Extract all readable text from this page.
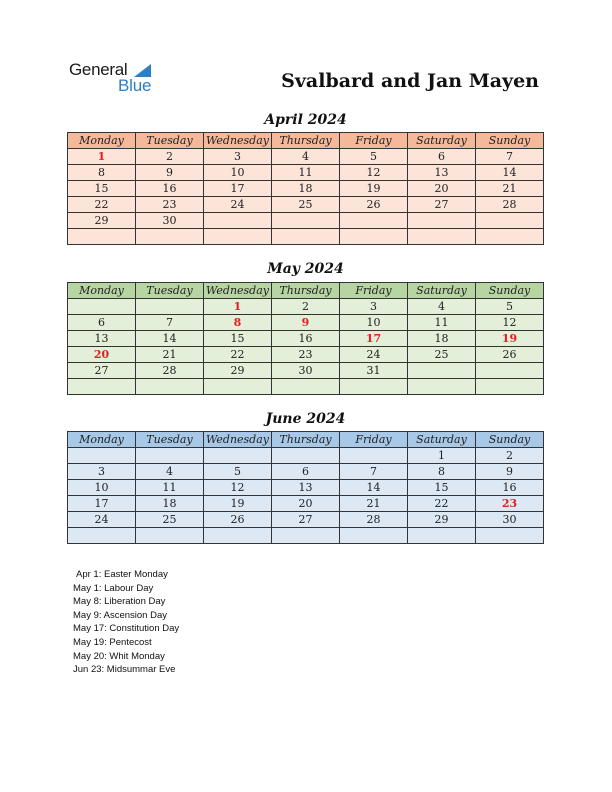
General
Blue	Svalbard and Jan Mayen
April 2024
Monday	Tuesday	Wednesday	Thursday	Friday	Saturday	Sunday
1	2	3	4	5	6	7
8	9	10	11	12	13	14
15	16	17	18	19	20	21
22	23	24	25	26	27	28
29	30					

May 2024
Monday	Tuesday	Wednesday	Thursday	Friday	Saturday	Sunday
		1	2	3	4	5
6	7	8	9	10	11	12
13	14	15	16	17	18	19
20	21	22	23	24	25	26
27	28	29	30	31		

June 2024
Monday	Tuesday	Wednesday	Thursday	Friday	Saturday	Sunday
					1	2
3	4	5	6	7	8	9
10	11	12	13	14	15	16
17	18	19	20	21	22	23
24	25	26	27	28	29	30

Apr 1: Easter Monday
May 1: Labour Day
May 8: Liberation Day
May 9: Ascension Day
May 17: Constitution Day
May 19: Pentecost
May 20: Whit Monday
Jun 23: Midsummar Eve
